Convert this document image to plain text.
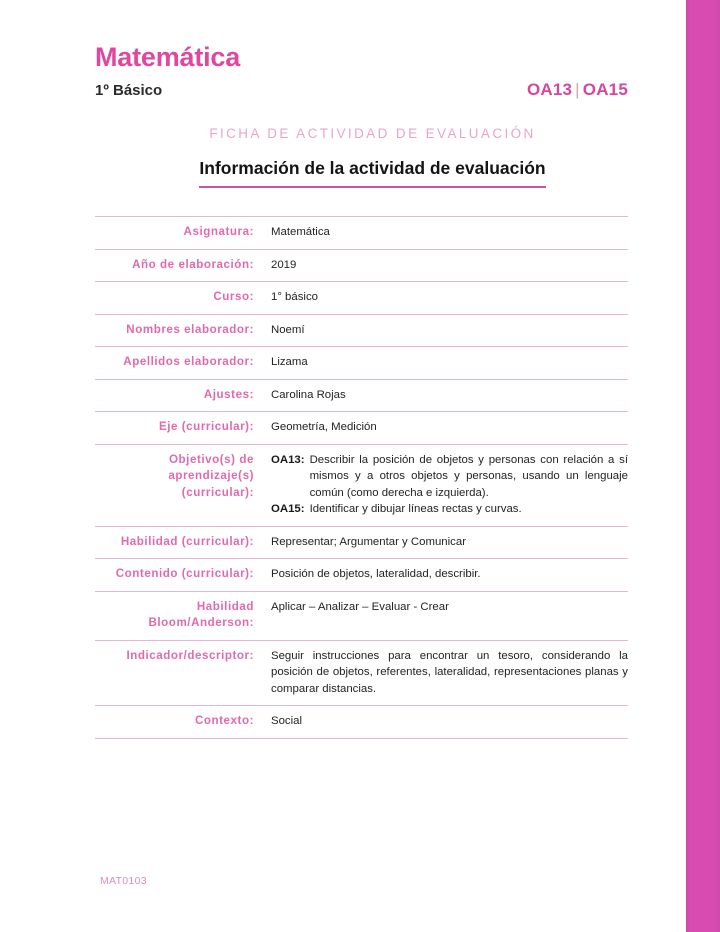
Matemática
1º Básico	OA13 | OA15
FICHA DE ACTIVIDAD DE EVALUACIÓN
Información de la actividad de evaluación
Asignatura:	Matemática
Año de elaboración:	2019
Curso:	1° básico
Nombres elaborador:	Noemí
Apellidos elaborador:	Lizama
Ajustes:	Carolina Rojas
Eje (curricular):	Geometría, Medición
Objetivo(s) de aprendizaje(s) (curricular):	OA13: Describir la posición de objetos y personas con relación a sí mismos y a otros objetos y personas, usando un lenguaje común (como derecha e izquierda).
OA15: Identificar y dibujar líneas rectas y curvas.

Habilidad (curricular):	Representar; Argumentar y Comunicar
Contenido (curricular):	Posición de objetos, lateralidad, describir.
Habilidad Bloom/Anderson:	Aplicar – Analizar – Evaluar - Crear
Indicador/descriptor:	Seguir instrucciones para encontrar un tesoro, considerando la posición de objetos, referentes, lateralidad, representaciones planas y comparar distancias.

Contexto:	Social
MAT0103
